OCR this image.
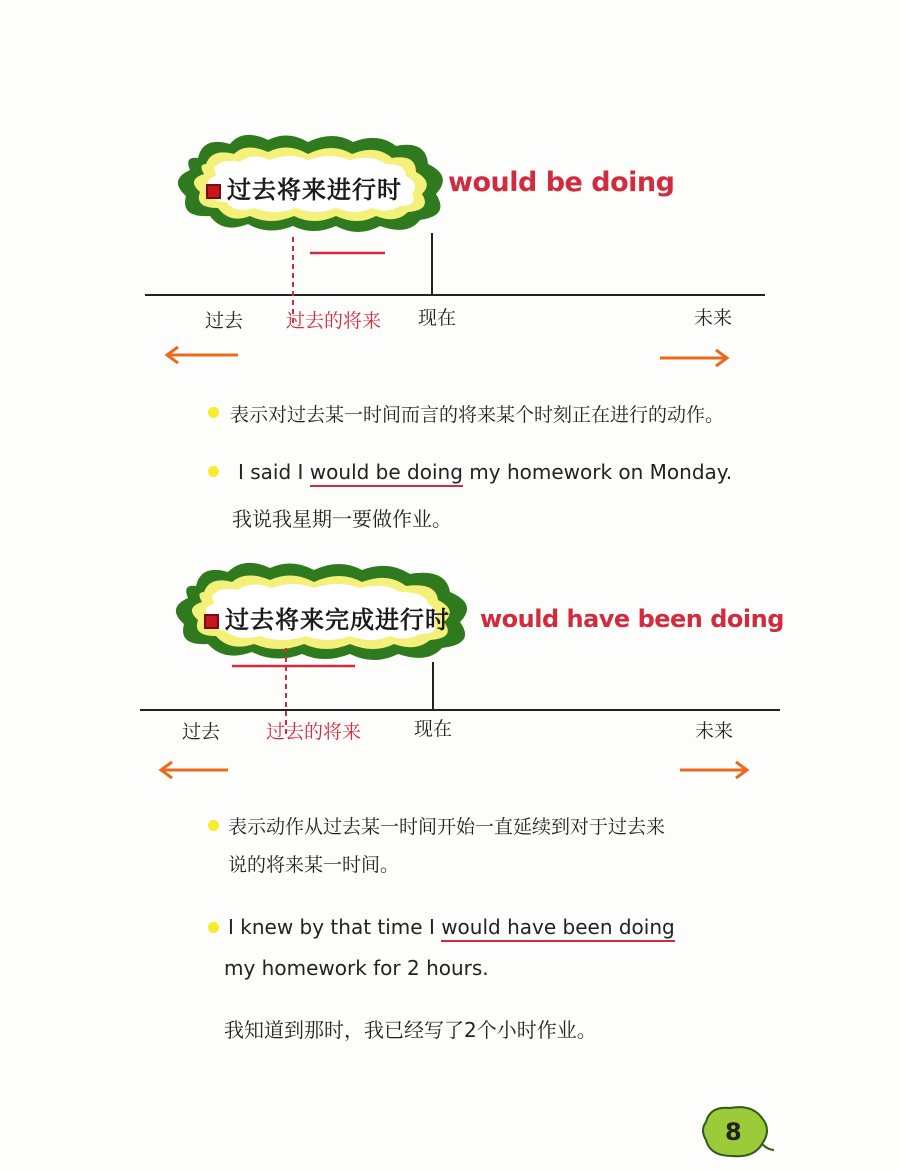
过去将来进行时 would be doing
过去 过去的将来 现在	未来
表示对过去某一时间而言的将来某个时刻正在进行的动作。
I said I would be doing my homework on Monday.
我说我星期一要做作业。
过去将来完成进行时 would have been doing
过去 过去的将来	现在	未来
表示动作从过去某一时间开始一直延续到对于过去来
说的将来某一时间。
I knew by that time I would have been doing
my homework for 2 hours.
我知道到那时，我已经写了2个小时作业。
8
